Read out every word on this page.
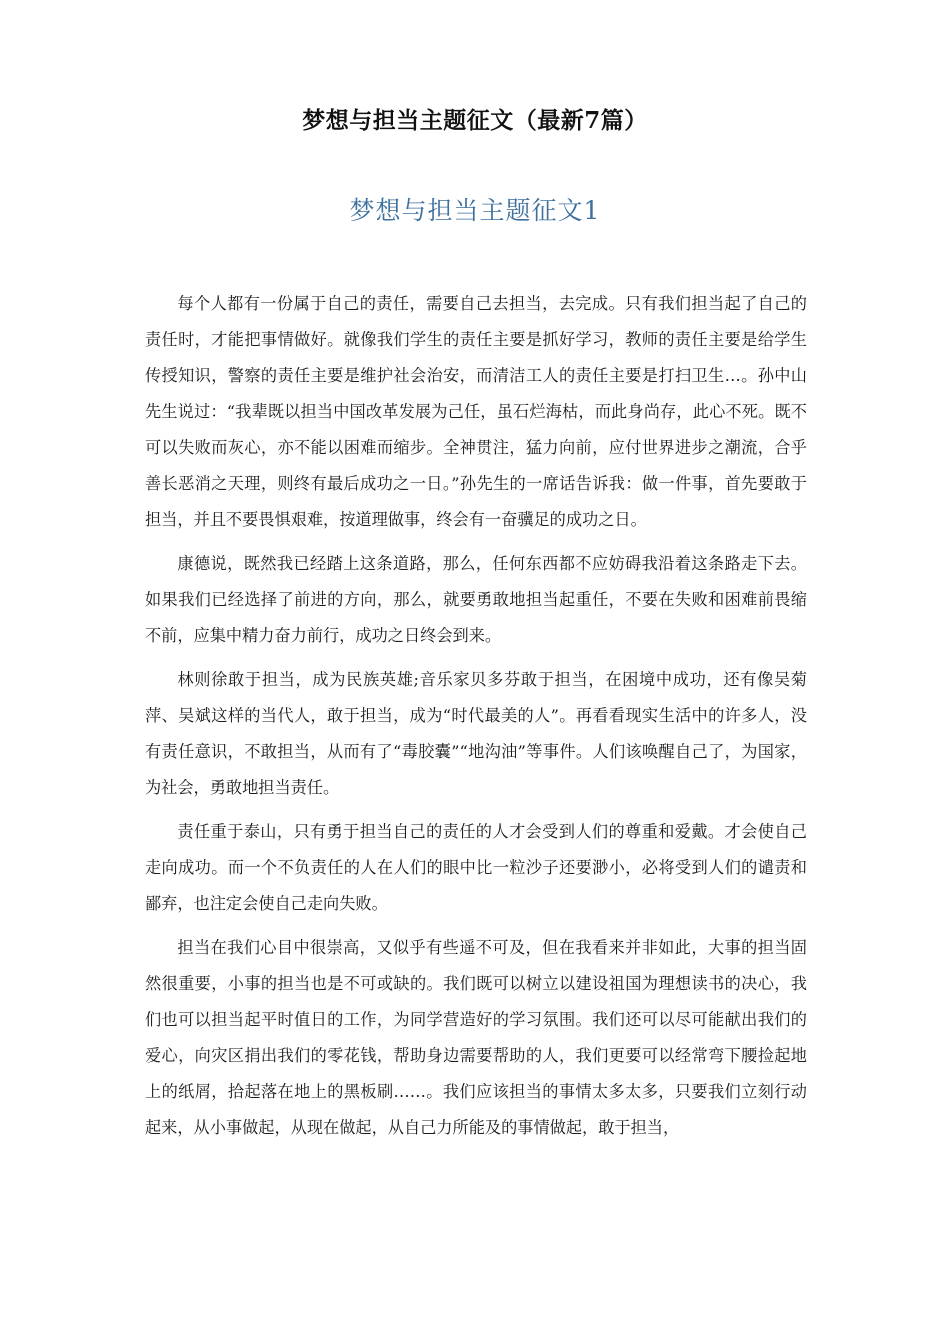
梦想与担当主题征文（最新7篇）
梦想与担当主题征文1

每个人都有一份属于自己的责任，需要自己去担当，去完成。只有我们担当起了自己的责任时，才能把事情做好。就像我们学生的责任主要是抓好学习，教师的责任主要是给学生传授知识，警察的责任主要是维护社会治安，而清洁工人的责任主要是打扫卫生…。孙中山先生说过：“我辈既以担当中国改革发展为己任，虽石烂海枯，而此身尚存，此心不死。既不可以失败而灰心，亦不能以困难而缩步。全神贯注，猛力向前，应付世界进步之潮流，合乎善长恶消之天理，则终有最后成功之一日。”孙先生的一席话告诉我：做一件事，首先要敢于担当，并且不要畏惧艰难，按道理做事，终会有一奋骥足的成功之日。

康德说，既然我已经踏上这条道路，那么，任何东西都不应妨碍我沿着这条路走下去。如果我们已经选择了前进的方向，那么，就要勇敢地担当起重任，不要在失败和困难前畏缩不前，应集中精力奋力前行，成功之日终会到来。

林则徐敢于担当，成为民族英雄;音乐家贝多芬敢于担当，在困境中成功，还有像吴菊萍、吴斌这样的当代人，敢于担当，成为“时代最美的人”。再看看现实生活中的许多人，没有责任意识，不敢担当，从而有了“毒胶囊”“地沟油”等事件。人们该唤醒自己了，为国家，为社会，勇敢地担当责任。

责任重于泰山，只有勇于担当自己的责任的人才会受到人们的尊重和爱戴。才会使自己走向成功。而一个不负责任的人在人们的眼中比一粒沙子还要渺小，必将受到人们的谴责和鄙弃，也注定会使自己走向失败。

担当在我们心目中很崇高，又似乎有些遥不可及，但在我看来并非如此，大事的担当固然很重要，小事的担当也是不可或缺的。我们既可以树立以建设祖国为理想读书的决心，我们也可以担当起平时值日的工作，为同学营造好的学习氛围。我们还可以尽可能献出我们的爱心，向灾区捐出我们的零花钱，帮助身边需要帮助的人，我们更要可以经常弯下腰捡起地上的纸屑，拾起落在地上的黑板刷……。我们应该担当的事情太多太多，只要我们立刻行动起来，从小事做起，从现在做起，从自己力所能及的事情做起，敢于担当，
